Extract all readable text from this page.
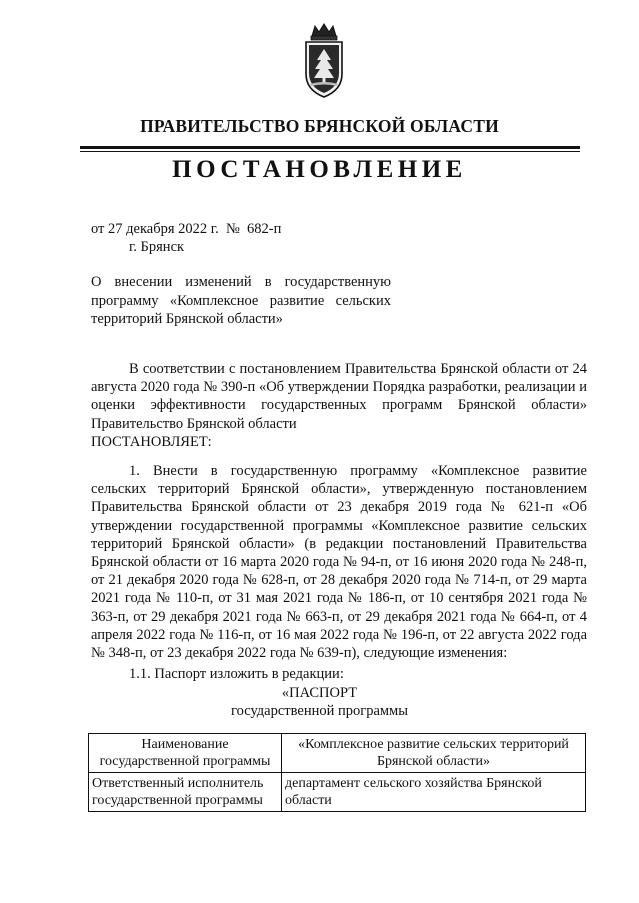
ПРАВИТЕЛЬСТВО БРЯНСКОЙ ОБЛАСТИ
ПОСТАНОВЛЕНИЕ
от 27 декабря 2022 г.  №  682-п
г. Брянск
О внесении изменений в государственную программу «Комплексное развитие сельских территорий Брянской области»
В соответствии с постановлением Правительства Брянской области от 24 августа 2020 года № 390-п «Об утверждении Порядка разработки, реализации и оценки эффективности государственных программ Брянской области» Правительство Брянской области
ПОСТАНОВЛЯЕТ:
1. Внести в государственную программу «Комплексное развитие сельских территорий Брянской области», утвержденную постановлением Правительства Брянской области от 23 декабря 2019 года № 621-п «Об утверждении государственной программы «Комплексное развитие сельских территорий Брянской области» (в редакции постановлений Правительства Брянской области от 16 марта 2020 года № 94-п, от 16 июня 2020 года № 248-п, от 21 декабря 2020 года № 628-п, от 28 декабря 2020 года № 714-п, от 29 марта 2021 года № 110-п, от 31 мая 2021 года № 186-п, от 10 сентября 2021 года № 363-п, от 29 декабря 2021 года № 663-п, от 29 декабря 2021 года № 664-п, от 4 апреля 2022 года № 116-п, от 16 мая 2022 года № 196-п, от 22 августа 2022 года № 348-п, от 23 декабря 2022 года № 639-п), следующие изменения:
1.1. Паспорт изложить в редакции:
«ПАСПОРТ
государственной программы
Наименование государственной программы	«Комплексное развитие сельских территорий Брянской области»
Ответственный исполнитель государственной программы	департамент сельского хозяйства Брянской области
